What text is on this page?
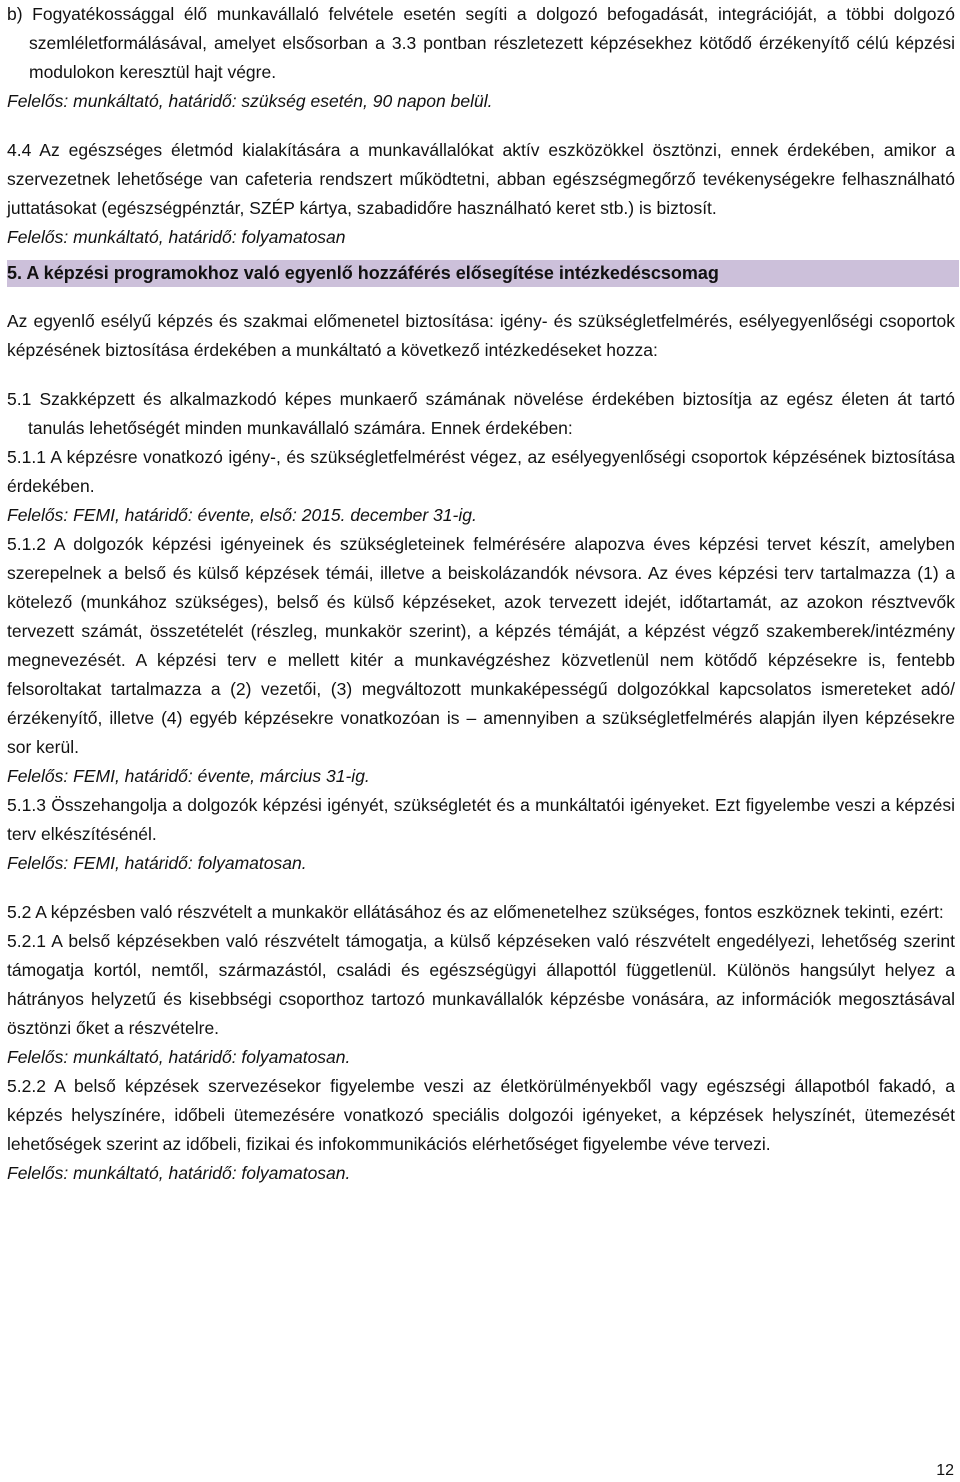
b) Fogyatékossággal élő munkavállaló felvétele esetén segíti a dolgozó befogadását, integrációját, a többi dolgozó szemléletformálásával, amelyet elsősorban a 3.3 pontban részletezett képzésekhez kötődő érzékenyítő célú képzési modulokon keresztül hajt végre.

Felelős: munkáltató, határidő: szükség esetén, 90 napon belül.

4.4 Az egészséges életmód kialakítására a munkavállalókat aktív eszközökkel ösztönzi, ennek érdekében, amikor a szervezetnek lehetősége van cafeteria rendszert működtetni, abban egészségmegőrző tevékenységekre felhasználható juttatásokat (egészségpénztár, SZÉP kártya, szabadidőre használható keret stb.) is biztosít.

Felelős: munkáltató, határidő: folyamatosan

5. A képzési programokhoz való egyenlő hozzáférés elősegítése intézkedéscsomag

Az egyenlő esélyű képzés és szakmai előmenetel biztosítása: igény- és szükségletfelmérés, esélyegyenlőségi csoportok képzésének biztosítása érdekében a munkáltató a következő intézkedéseket hozza:

5.1 Szakképzett és alkalmazkodó képes munkaerő számának növelése érdekében biztosítja az egész életen át tartó tanulás lehetőségét minden munkavállaló számára. Ennek érdekében:

5.1.1 A képzésre vonatkozó igény-, és szükségletfelmérést végez, az esélyegyenlőségi csoportok képzésének biztosítása érdekében.

Felelős: FEMI, határidő: évente, első: 2015. december 31-ig.

5.1.2 A dolgozók képzési igényeinek és szükségleteinek felmérésére alapozva éves képzési tervet készít, amelyben szerepelnek a belső és külső képzések témái, illetve a beiskolázandók névsora. Az éves képzési terv tartalmazza (1) a kötelező (munkához szükséges), belső és külső képzéseket, azok tervezett idejét, időtartamát, az azokon résztvevők tervezett számát, összetételét (részleg, munkakör szerint), a képzés témáját, a képzést végző szakemberek/intézmény megnevezését. A képzési terv e mellett kitér a munkavégzéshez közvetlenül nem kötődő képzésekre is, fentebb felsoroltakat tartalmazza a (2) vezetői, (3) megváltozott munkaképességű dolgozókkal kapcsolatos ismereteket adó/érzékenyítő, illetve (4) egyéb képzésekre vonatkozóan is – amennyiben a szükségletfelmérés alapján ilyen képzésekre sor kerül.

Felelős: FEMI, határidő: évente, március 31-ig.

5.1.3 Összehangolja a dolgozók képzési igényét, szükségletét és a munkáltatói igényeket. Ezt figyelembe veszi a képzési terv elkészítésénél.

Felelős: FEMI, határidő: folyamatosan.

5.2 A képzésben való részvételt a munkakör ellátásához és az előmenetelhez szükséges, fontos eszköznek tekinti, ezért:

5.2.1 A belső képzésekben való részvételt támogatja, a külső képzéseken való részvételt engedélyezi, lehetőség szerint támogatja kortól, nemtől, származástól, családi és egészségügyi állapottól függetlenül. Különös hangsúlyt helyez a hátrányos helyzetű és kisebbségi csoporthoz tartozó munkavállalók képzésbe vonására, az információk megosztásával ösztönzi őket a részvételre.

Felelős: munkáltató, határidő: folyamatosan.

5.2.2 A belső képzések szervezésekor figyelembe veszi az életkörülményekből vagy egészségi állapotból fakadó, a képzés helyszínére, időbeli ütemezésére vonatkozó speciális dolgozói igényeket, a képzések helyszínét, ütemezését lehetőségek szerint az időbeli, fizikai és infokommunikációs elérhetőséget figyelembe véve tervezi.

Felelős: munkáltató, határidő: folyamatosan.

12
